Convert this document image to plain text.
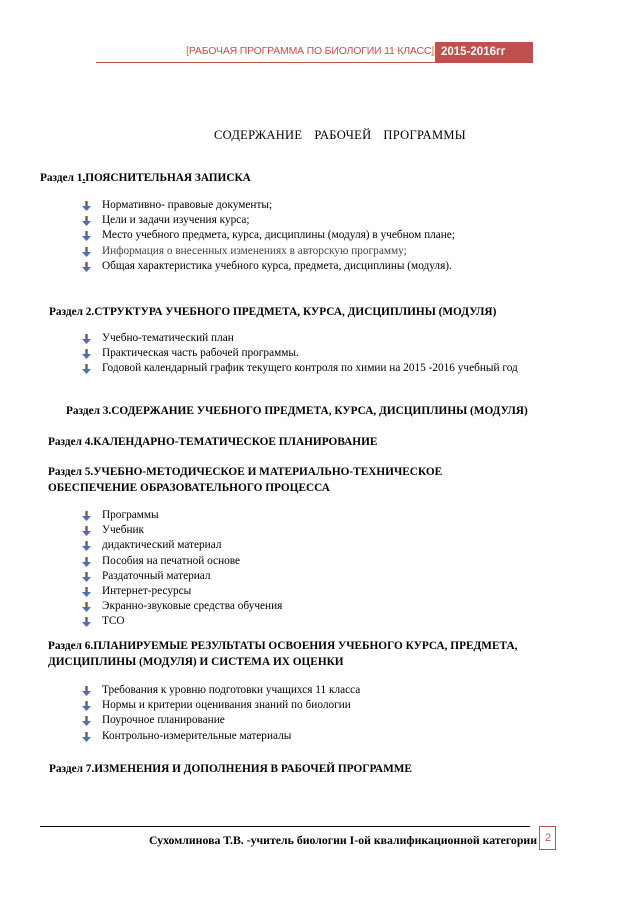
[РАБОЧАЯ ПРОГРАММА ПО БИОЛОГИИ 11 КЛАСС] 2015-2016гг
СОДЕРЖАНИЕ РАБОЧЕЙ ПРОГРАММЫ
Раздел 1.ПОЯСНИТЕЛЬНАЯ ЗАПИСКА
Нормативно- правовые документы;
Цели и задачи изучения курса;
Место учебного предмета, курса, дисциплины (модуля) в учебном плане;
Информация о внесенных изменениях в авторскую программу;
Общая характеристика учебного курса, предмета, дисциплины (модуля).
Раздел 2.СТРУКТУРА УЧЕБНОГО ПРЕДМЕТА, КУРСА, ДИСЦИПЛИНЫ (МОДУЛЯ)
Учебно-тематический план
Практическая часть рабочей программы.
Годовой календарный график текущего контроля по химии на 2015 -2016 учебный год
Раздел 3.СОДЕРЖАНИЕ УЧЕБНОГО ПРЕДМЕТА, КУРСА, ДИСЦИПЛИНЫ (МОДУЛЯ)
Раздел 4.КАЛЕНДАРНО-ТЕМАТИЧЕСКОЕ ПЛАНИРОВАНИЕ
Раздел 5.УЧЕБНО-МЕТОДИЧЕСКОЕ И МАТЕРИАЛЬНО-ТЕХНИЧЕСКОЕ
ОБЕСПЕЧЕНИЕ ОБРАЗОВАТЕЛЬНОГО ПРОЦЕССА
Программы
Учебник
дидактический материал
Пособия на печатной основе
Раздаточный материал
Интернет-ресурсы
Экранно-звуковые средства обучения
ТСО
Раздел 6.ПЛАНИРУЕМЫЕ РЕЗУЛЬТАТЫ ОСВОЕНИЯ УЧЕБНОГО КУРСА, ПРЕДМЕТА,
ДИСЦИПЛИНЫ (МОДУЛЯ) И СИСТЕМА ИХ ОЦЕНКИ
Требования к уровню подготовки учащихся 11 класса
Нормы и критерии оценивания знаний по биологии
Поурочное планирование
Контрольно-измерительные материалы
Раздел 7.ИЗМЕНЕНИЯ И ДОПОЛНЕНИЯ В РАБОЧЕЙ ПРОГРАММЕ
Сухомлинова Т.В. -учитель биологии I-ой квалификационной категории 2
